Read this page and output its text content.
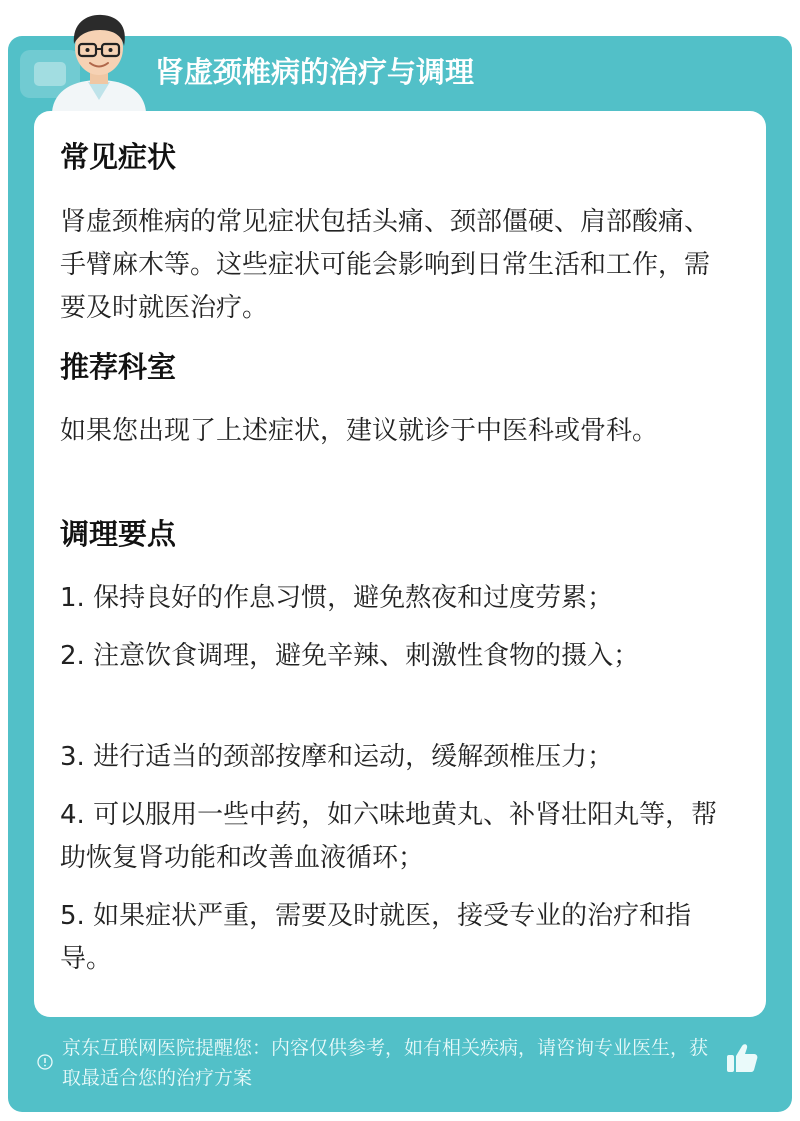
肾虚颈椎病的治疗与调理
常见症状
肾虚颈椎病的常见症状包括头痛、颈部僵硬、肩部酸痛、手臂麻木等。这些症状可能会影响到日常生活和工作，需要及时就医治疗。
推荐科室
如果您出现了上述症状，建议就诊于中医科或骨科。
调理要点
1. 保持良好的作息习惯，避免熬夜和过度劳累；
2. 注意饮食调理，避免辛辣、刺激性食物的摄入；
3. 进行适当的颈部按摩和运动，缓解颈椎压力；
4. 可以服用一些中药，如六味地黄丸、补肾壮阳丸等，帮助恢复肾功能和改善血液循环；
5. 如果症状严重，需要及时就医，接受专业的治疗和指导。
京东互联网医院提醒您：内容仅供参考，如有相关疾病，请咨询专业医生，获取最适合您的治疗方案
